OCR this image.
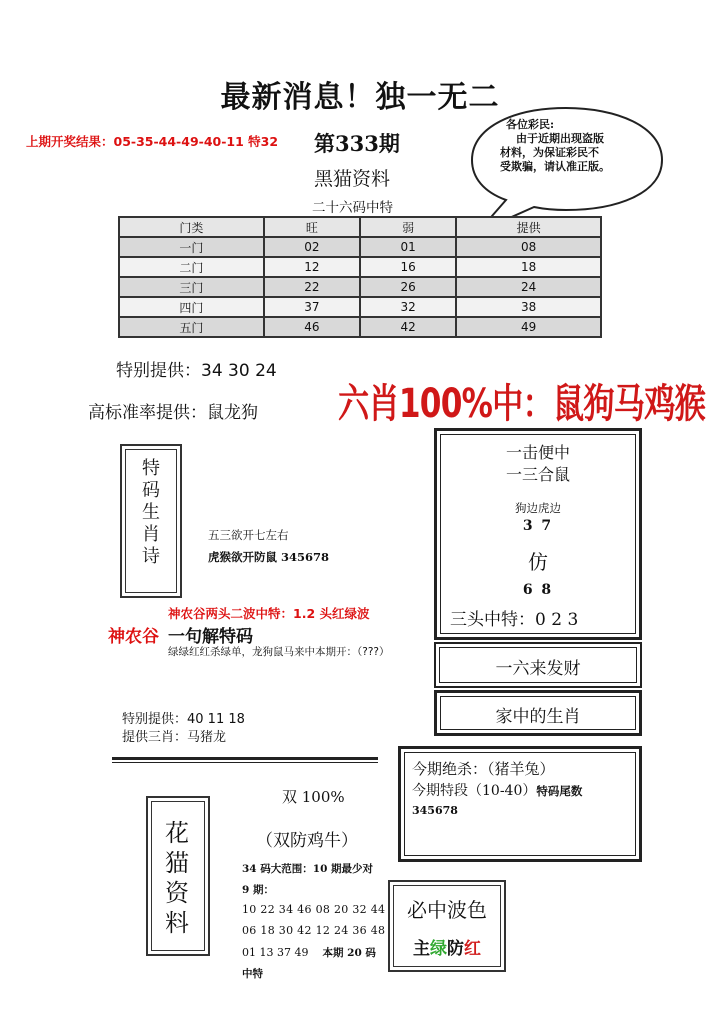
最新消息！独一无二
上期开奖结果：05-35-44-49-40-11 特32 第333期
黑猫资料
二十六码中特
各位彩民:
由于近期出现盗版
材料，为保证彩民不
受欺骗，请认准正版。
门类	旺	弱	提供
一门	02	01	08
二门	12	16	18
三门	22	26	24
四门	37	32	38
五门	46	42	49
特别提供：34 30 24
高标准率提供：鼠龙狗 六肖100%中：鼠狗马鸡猴
特
码
生
肖
诗
五三欲开七左右
虎猴欲开防鼠 345678
神农谷两头二波中特：1.2 头红绿波
神农谷 一句解特码
绿绿红红杀绿单，龙狗鼠马来中本期开：（???）
特别提供：40 11 18
提供三肖：马猪龙
一击便中
一三合鼠
狗边虎边
3 7
仿
6 8
三头中特：0 2 3
一六来发财
家中的生肖
今期绝杀：（猪羊兔）
今期特段（10-40）特码尾数
345678
双 100%
（双防鸡牛）
花
猫
资
料
34 码大范围：10 期最少对
9 期：
10 22 34 46 08 20 32 44
06 18 30 42 12 24 36 48
01 13 37 49 本期 20 码
中特
必中波色
主绿防红
